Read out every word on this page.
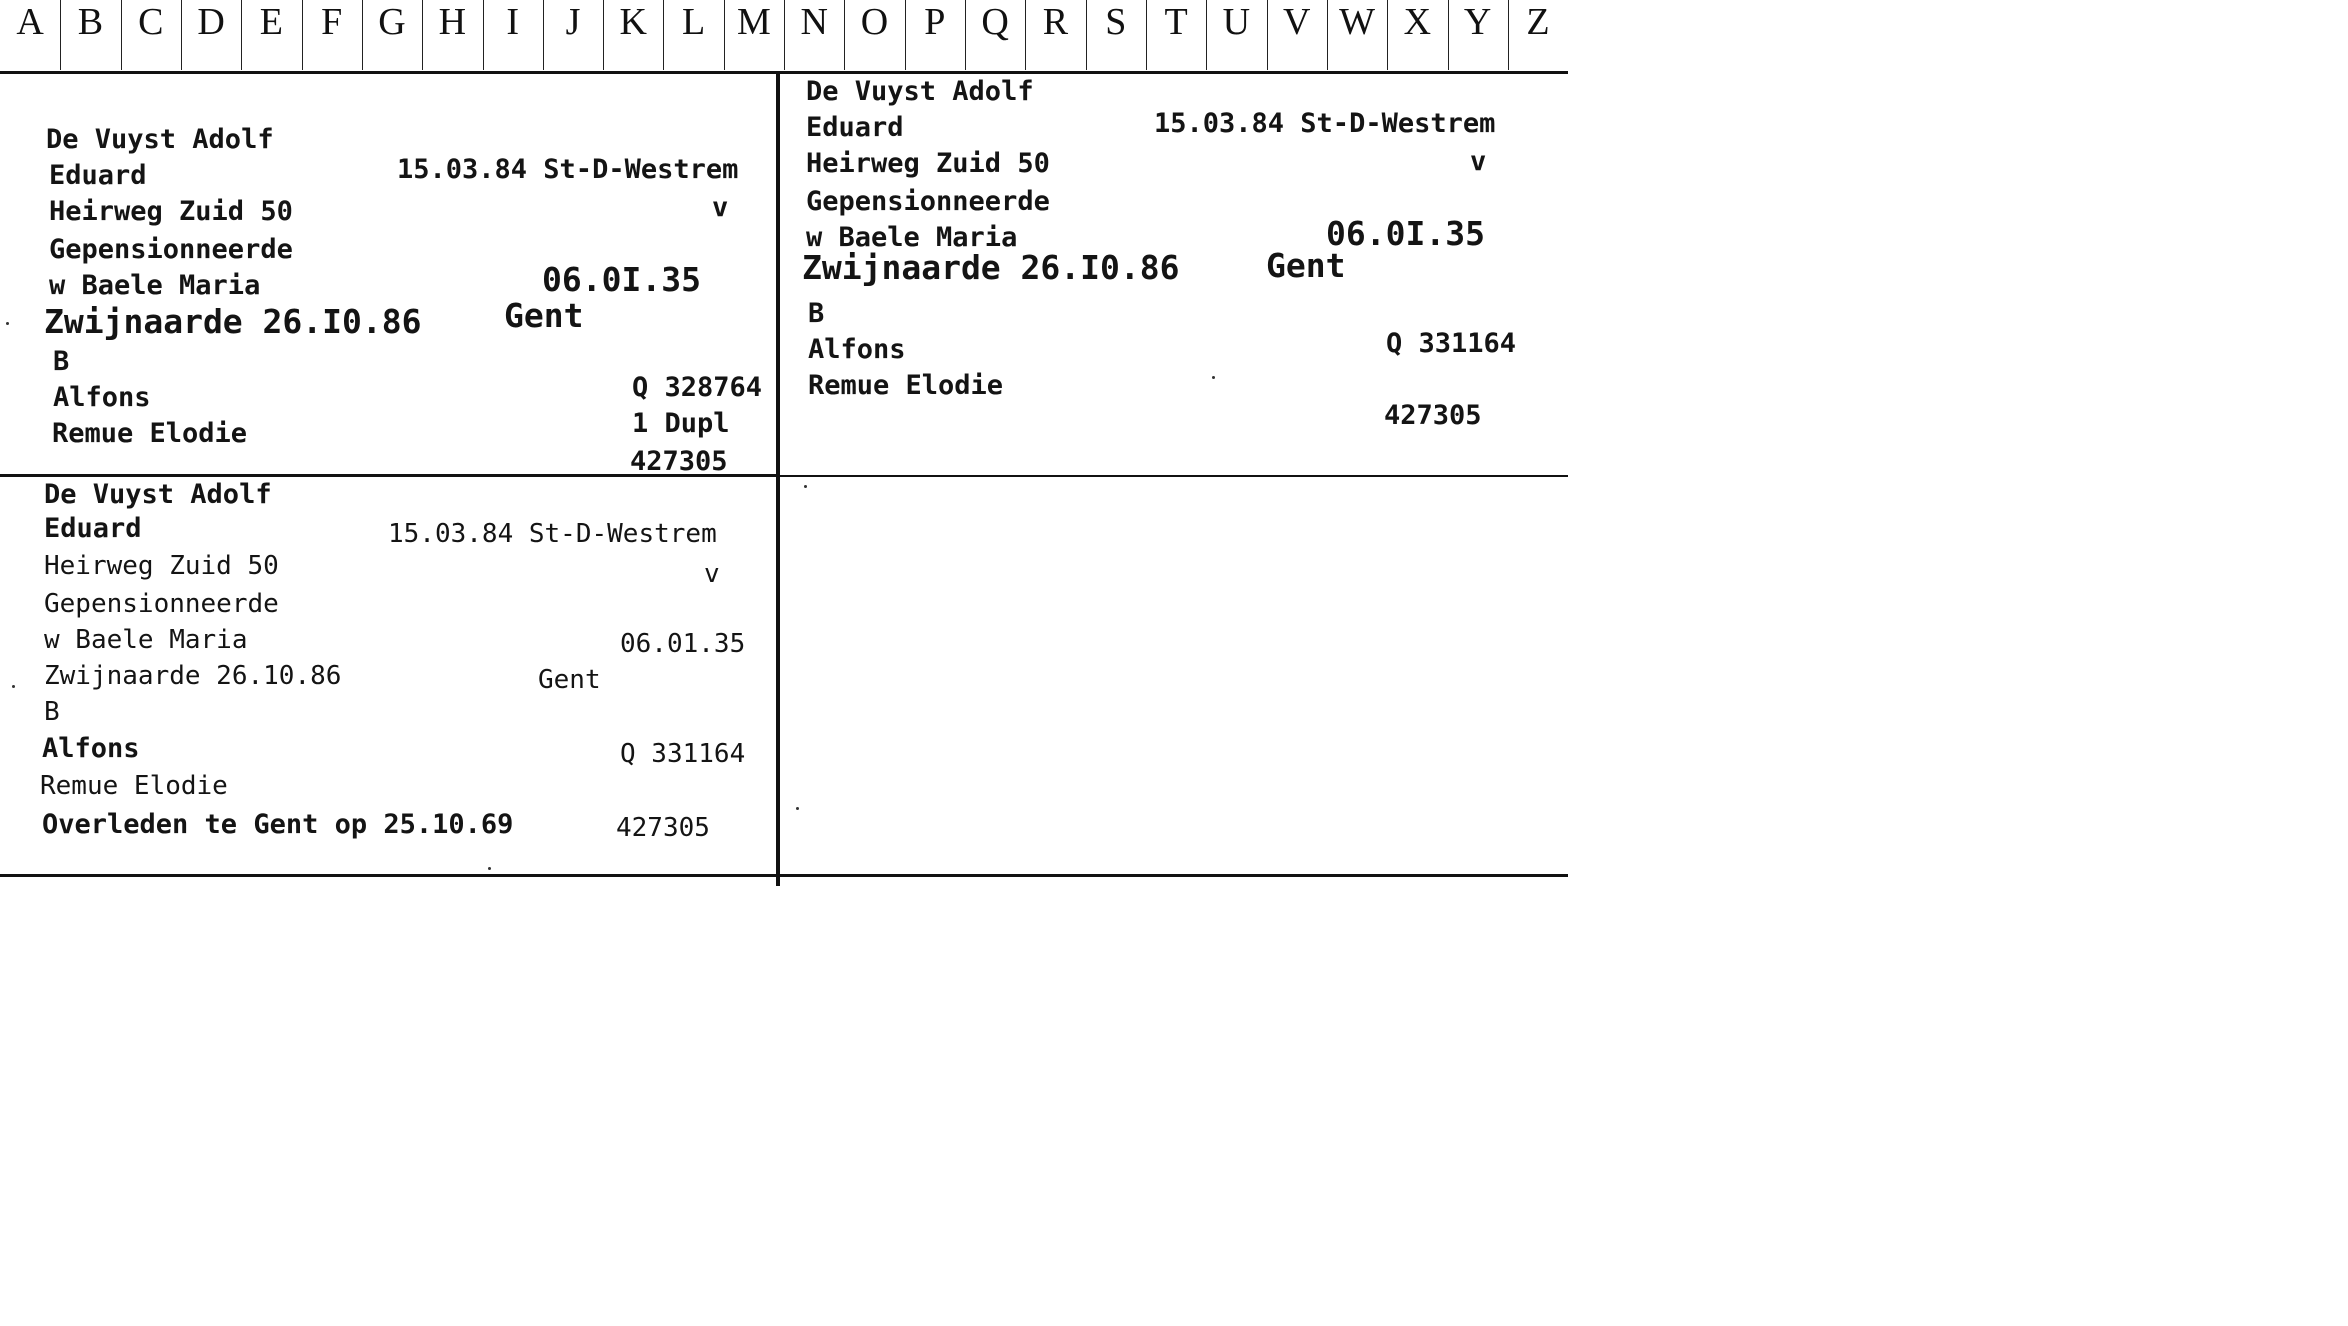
A B C D E	F G H	I	J	K L M N O P Q R S	T U V W X Y Z
De Vuyst Adolf
Eduard	15.03.84 St-D-Westrem
Heirweg Zuid 50	v
Gepensionneerde
w Baele Maria	06.0I.35
Zwijnaarde 26.I0.86	Gent
B
Alfons	Q 328764
Remue Elodie	1 Dupl
427305
De Vuyst Adolf
Eduard	15.03.84 St-D-Westrem
Heirweg Zuid 50	v
Gepensionneerde
w Baele Maria	06.0I.35
Zwijnaarde 26.I0.86	Gent
B
Alfons	Q 331164
Remue Elodie
427305
De Vuyst Adolf
Eduard	15.03.84 St-D-Westrem
Heirweg Zuid 50	v
Gepensionneerde
w Baele Maria	06.01.35
Zwijnaarde 26.10.86	Gent
B
Alfons	Q 331164
Remue Elodie
Overleden te Gent op 25.10.69	427305
